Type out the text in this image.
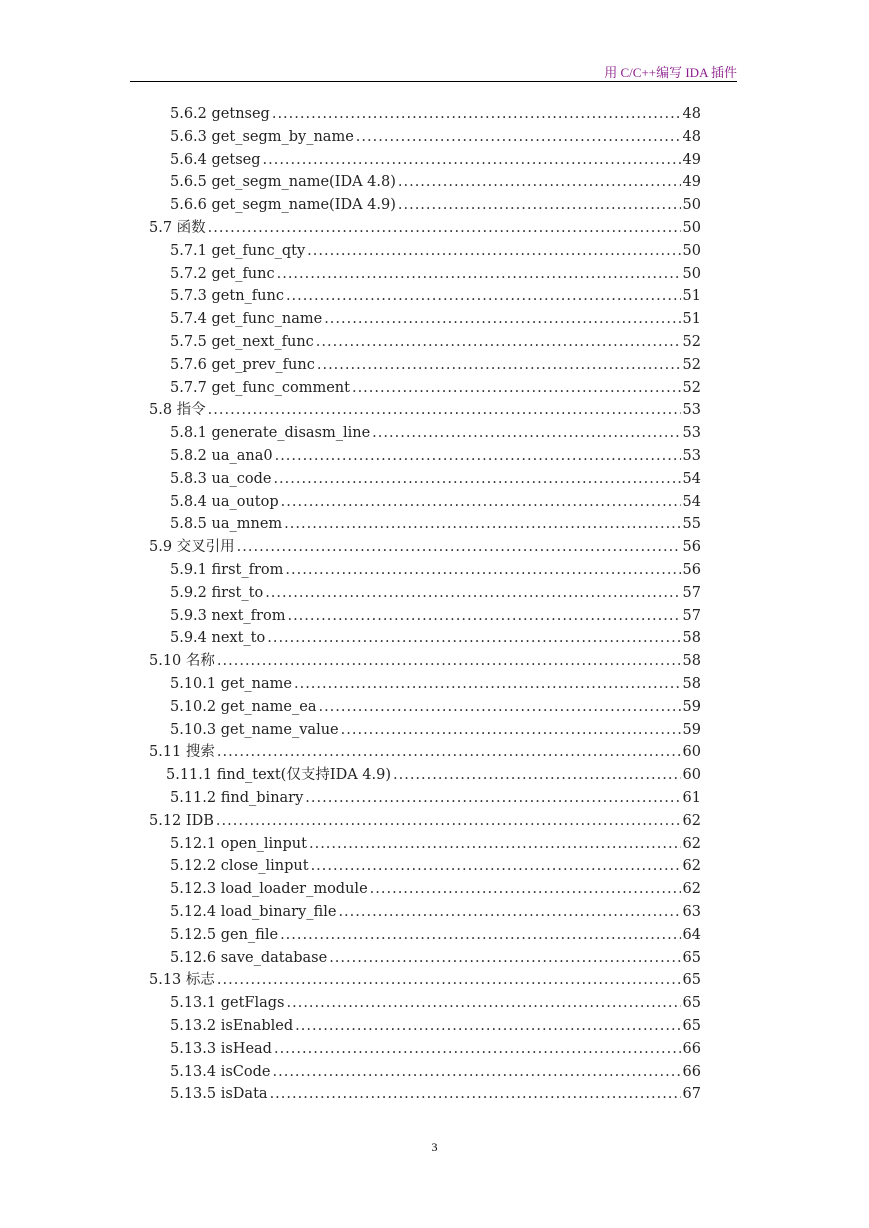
用 C/C++编写 IDA 插件
5.6.2 getnseg .....	48
5.6.3 get_segm_by_name .....	48
5.6.4 getseg .....	49
5.6.5 get_segm_name(IDA 4.8) .....	49
5.6.6 get_segm_name(IDA 4.9) .....	50
5.7 函数 .....	50
5.7.1 get_func_qty .....	50
5.7.2 get_func .....	50
5.7.3 getn_func .....	51
5.7.4 get_func_name .....	51
5.7.5 get_next_func .....	52
5.7.6 get_prev_func .....	52
5.7.7 get_func_comment .....	52
5.8 指令 .....	53
5.8.1 generate_disasm_line .....	53
5.8.2 ua_ana0 .....	53
5.8.3 ua_code .....	54
5.8.4 ua_outop .....	54
5.8.5 ua_mnem .....	55
5.9 交叉引用 .....	56
5.9.1 first_from .....	56
5.9.2 first_to .....	57
5.9.3 next_from .....	57
5.9.4 next_to .....	58
5.10 名称 .....	58
5.10.1 get_name .....	58
5.10.2 get_name_ea .....	59
5.10.3 get_name_value .....	59
5.11 搜索 .....	60
5.11.1 find_text(仅支持IDA 4.9) .....	60
5.11.2 find_binary .....	61
5.12 IDB .....	62
5.12.1 open_linput .....	62
5.12.2 close_linput .....	62
5.12.3 load_loader_module .....	62
5.12.4 load_binary_file .....	63
5.12.5 gen_file .....	64
5.12.6 save_database .....	65
5.13 标志 .....	65
5.13.1 getFlags .....	65
5.13.2 isEnabled .....	65
5.13.3 isHead .....	66
5.13.4 isCode .....	66
5.13.5 isData .....	67
3
